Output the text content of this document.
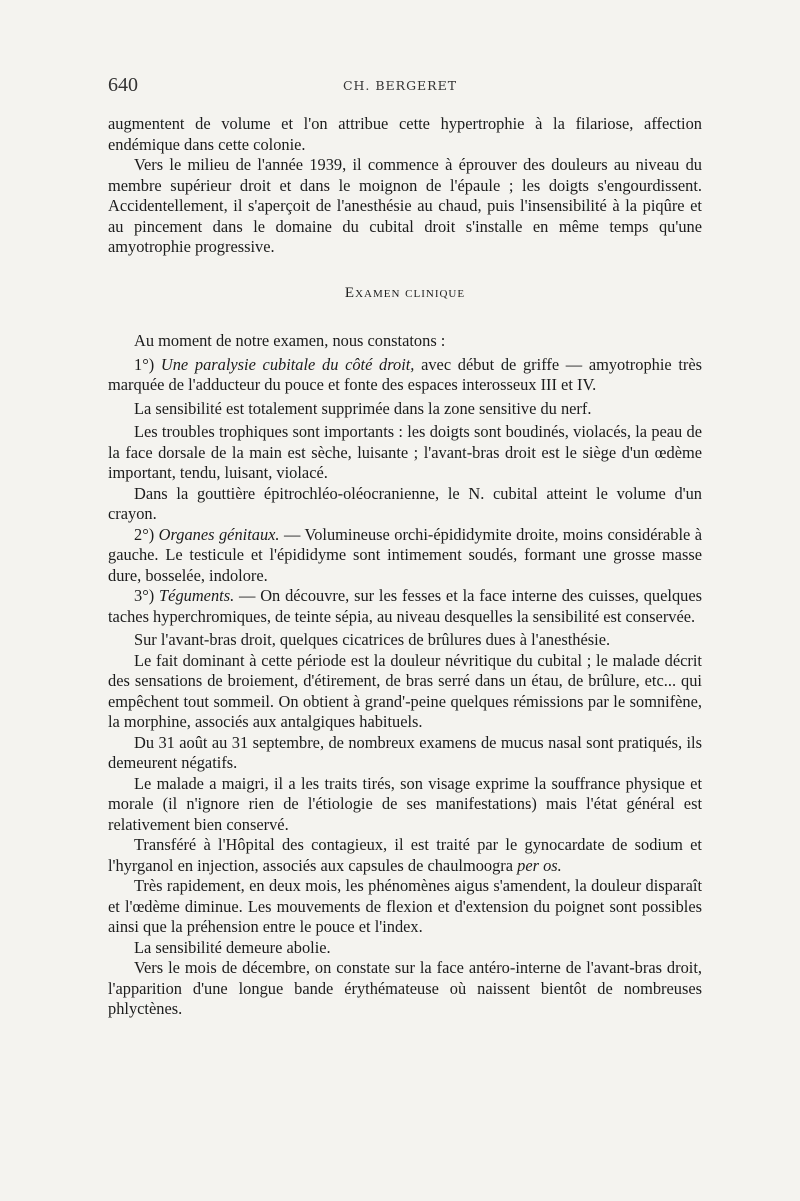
640	CH. BERGERET

augmentent de volume et l'on attribue cette hypertrophie à la filariose, affection endémique dans cette colonie.

Vers le milieu de l'année 1939, il commence à éprouver des douleurs au niveau du membre supérieur droit et dans le moignon de l'épaule ; les doigts s'engourdissent. Accidentellement, il s'aperçoit de l'anesthésie au chaud, puis l'insensibilité à la piqûre et au pincement dans le domaine du cubital droit s'installe en même temps qu'une amyotrophie progressive.

Examen clinique

Au moment de notre examen, nous constatons :

1°) Une paralysie cubitale du côté droit, avec début de griffe — amyotrophie très marquée de l'adducteur du pouce et fonte des espaces interosseux III et IV.

La sensibilité est totalement supprimée dans la zone sensitive du nerf.

Les troubles trophiques sont importants : les doigts sont boudinés, violacés, la peau de la face dorsale de la main est sèche, luisante ; l'avant-bras droit est le siège d'un œdème important, tendu, luisant, violacé.

Dans la gouttière épitrochléo-oléocranienne, le N. cubital atteint le volume d'un crayon.

2°) Organes génitaux. — Volumineuse orchi-épididymite droite, moins considérable à gauche. Le testicule et l'épididyme sont intimement soudés, formant une grosse masse dure, bosselée, indolore.

3°) Téguments. — On découvre, sur les fesses et la face interne des cuisses, quelques taches hyperchromiques, de teinte sépia, au niveau desquelles la sensibilité est conservée.

Sur l'avant-bras droit, quelques cicatrices de brûlures dues à l'anesthésie.

Le fait dominant à cette période est la douleur névritique du cubital ; le malade décrit des sensations de broiement, d'étirement, de bras serré dans un étau, de brûlure, etc... qui empêchent tout sommeil. On obtient à grand'-peine quelques rémissions par le somnifène, la morphine, associés aux antalgiques habituels.

Du 31 août au 31 septembre, de nombreux examens de mucus nasal sont pratiqués, ils demeurent négatifs.

Le malade a maigri, il a les traits tirés, son visage exprime la souffrance physique et morale (il n'ignore rien de l'étiologie de ses manifestations) mais l'état général est relativement bien conservé.

Transféré à l'Hôpital des contagieux, il est traité par le gynocardate de sodium et l'hyrganol en injection, associés aux capsules de chaulmoogra per os.

Très rapidement, en deux mois, les phénomènes aigus s'amendent, la douleur disparaît et l'œdème diminue. Les mouvements de flexion et d'extension du poignet sont possibles ainsi que la préhension entre le pouce et l'index.

La sensibilité demeure abolie.

Vers le mois de décembre, on constate sur la face antéro-interne de l'avant-bras droit, l'apparition d'une longue bande érythémateuse où naissent bientôt de nombreuses phlyctènes.
